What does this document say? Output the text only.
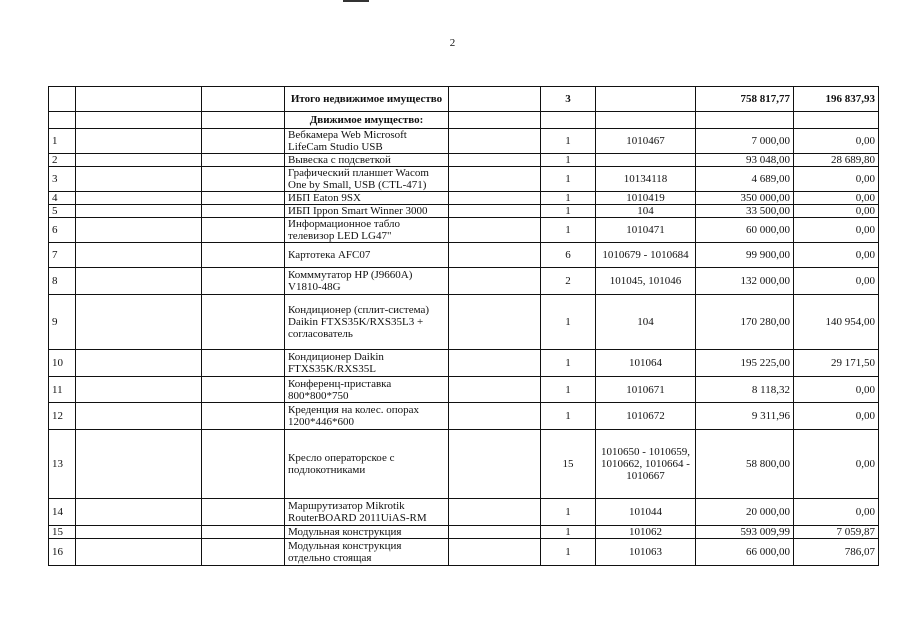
2
			Итого недвижимое имущество		3		758 817,77	196 837,93
			Движимое имущество:					
1			Вебкамера Web Microsoft LifeCam Studio USB		1	1010467	7 000,00	0,00
2			Вывеска с подсветкой		1		93 048,00	28 689,80
3			Графический планшет Wacom One by Small, USB (CTL-471)		1	10134118	4 689,00	0,00
4			ИБП Eaton 9SX		1	1010419	350 000,00	0,00
5			ИБП Ippon Smart Winner 3000		1	104	33 500,00	0,00
6			Информационное табло телевизор LED LG47"		1	1010471	60 000,00	0,00
7			Картотека AFC07		6	1010679 - 1010684	99 900,00	0,00
8			Комммутатор HP (J9660A) V1810-48G		2	101045, 101046	132 000,00	0,00
9			Кондиционер (сплит-система) Daikin FTXS35K/RXS35L3 + согласователь		1	104	170 280,00	140 954,00
10			Кондиционер Daikin FTXS35K/RXS35L		1	101064	195 225,00	29 171,50
11			Конференц-приставка 800*800*750		1	1010671	8 118,32	0,00
12			Креденция на колес. опорах 1200*446*600		1	1010672	9 311,96	0,00
13			Кресло операторское с подлокотниками		15	1010650 - 1010659, 1010662, 1010664 - 1010667	58 800,00	0,00
14			Маршрутизатор Mikrotik RouterBOARD 2011UiAS-RM		1	101044	20 000,00	0,00
15			Модульная конструкция		1	101062	593 009,99	7 059,87
16			Модульная конструкция отдельно стоящая		1	101063	66 000,00	786,07
